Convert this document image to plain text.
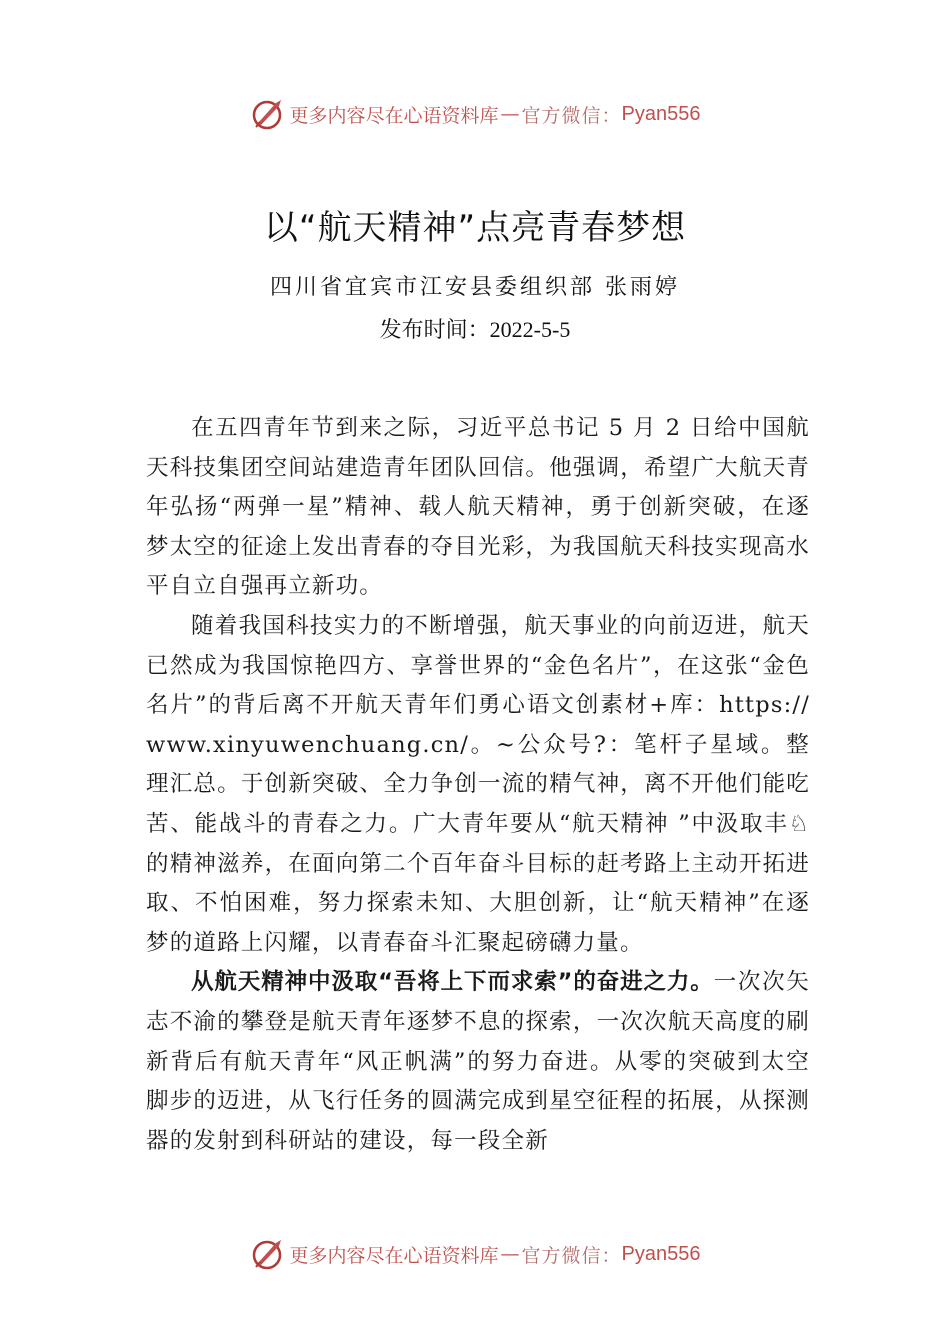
更多内容尽在心语资料库 — 官方微信： Pyan556
以“航天精神”点亮青春梦想
四川省宜宾市江安县委组织部 张雨婷
发布时间：2022-5-5

在五四青年节到来之际，习近平总书记 5 月 2 日给中国航天科技集团空间站建造青年团队回信。他强调，希望广大航天青年弘扬“两弹一星”精神、载人航天精神，勇于创新突破，在逐梦太空的征途上发出青春的夺目光彩，为我国航天科技实现高水平自立自强再立新功。

随着我国科技实力的不断增强，航天事业的向前迈进，航天已然成为我国惊艳四方、享誉世界的“金色名片”，在这张“金色名片”的背后离不开航天青年们勇心语文创素材+库：https://www.xinyuwenchuang.cn/。~公众号?：笔杆子星域。整理汇总。于创新突破、全力争创一流的精气神，离不开他们能吃苦、能战斗的青春之力。广大青年要从“航天精神 ”中汲取丰♘的精神滋养，在面向第二个百年奋斗目标的赶考路上主动开拓进取、不怕困难，努力探索未知、大胆创新，让“航天精神”在逐梦的道路上闪耀，以青春奋斗汇聚起磅礴力量。

从航天精神中汲取“吾将上下而求索”的奋进之力。一次次矢志不渝的攀登是航天青年逐梦不息的探索，一次次航天高度的刷新背后有航天青年“风正帆满”的努力奋进。从零的突破到太空脚步的迈进，从飞行任务的圆满完成到星空征程的拓展，从探测器的发射到科研站的建设，每一段全新

更多内容尽在心语资料库 — 官方微信： Pyan556
